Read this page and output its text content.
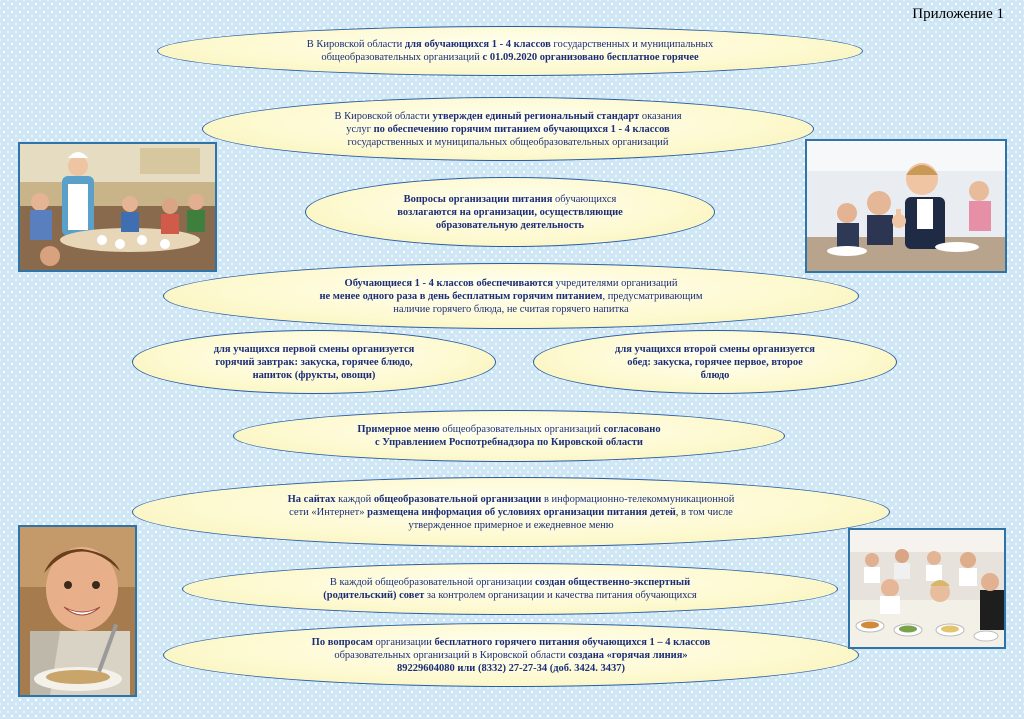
Приложение 1
В Кировской области для обучающихся 1 - 4 классов государственных и муниципальных
общеобразовательных организаций с 01.09.2020 организовано бесплатное горячее
В Кировской области утвержден единый региональный стандарт оказания
услуг по обеспечению горячим питанием обучающихся 1 - 4 классов
государственных и муниципальных общеобразовательных организаций
Вопросы организации питания обучающихся
возлагаются на организации, осуществляющие
образовательную деятельность
Обучающиеся 1 - 4 классов обеспечиваются учредителями организаций
не менее одного раза в день бесплатным горячим питанием, предусматривающим
наличие горячего блюда, не считая горячего напитка
для учащихся первой смены организуется
горячий завтрак: закуска, горячее блюдо,
напиток (фрукты, овощи)
для учащихся второй смены организуется
обед: закуска, горячее первое, второе
блюдо
Примерное меню общеобразовательных организаций согласовано
с Управлением Роспотребнадзора по Кировской области
На сайтах каждой общеобразовательной организации в информационно-телекоммуникационной
сети «Интернет» размещена информация об условиях организации питания детей, в том числе
утвержденное примерное и ежедневное меню
В каждой общеобразовательной организации создан общественно-экспертный
(родительский) совет за контролем организации и качества питания обучающихся
По вопросам организации бесплатного горячего питания обучающихся 1 – 4 классов
образовательных организаций в Кировской области создана «горячая линия»
89229604080 или (8332) 27-27-34 (доб. 3424. 3437)
